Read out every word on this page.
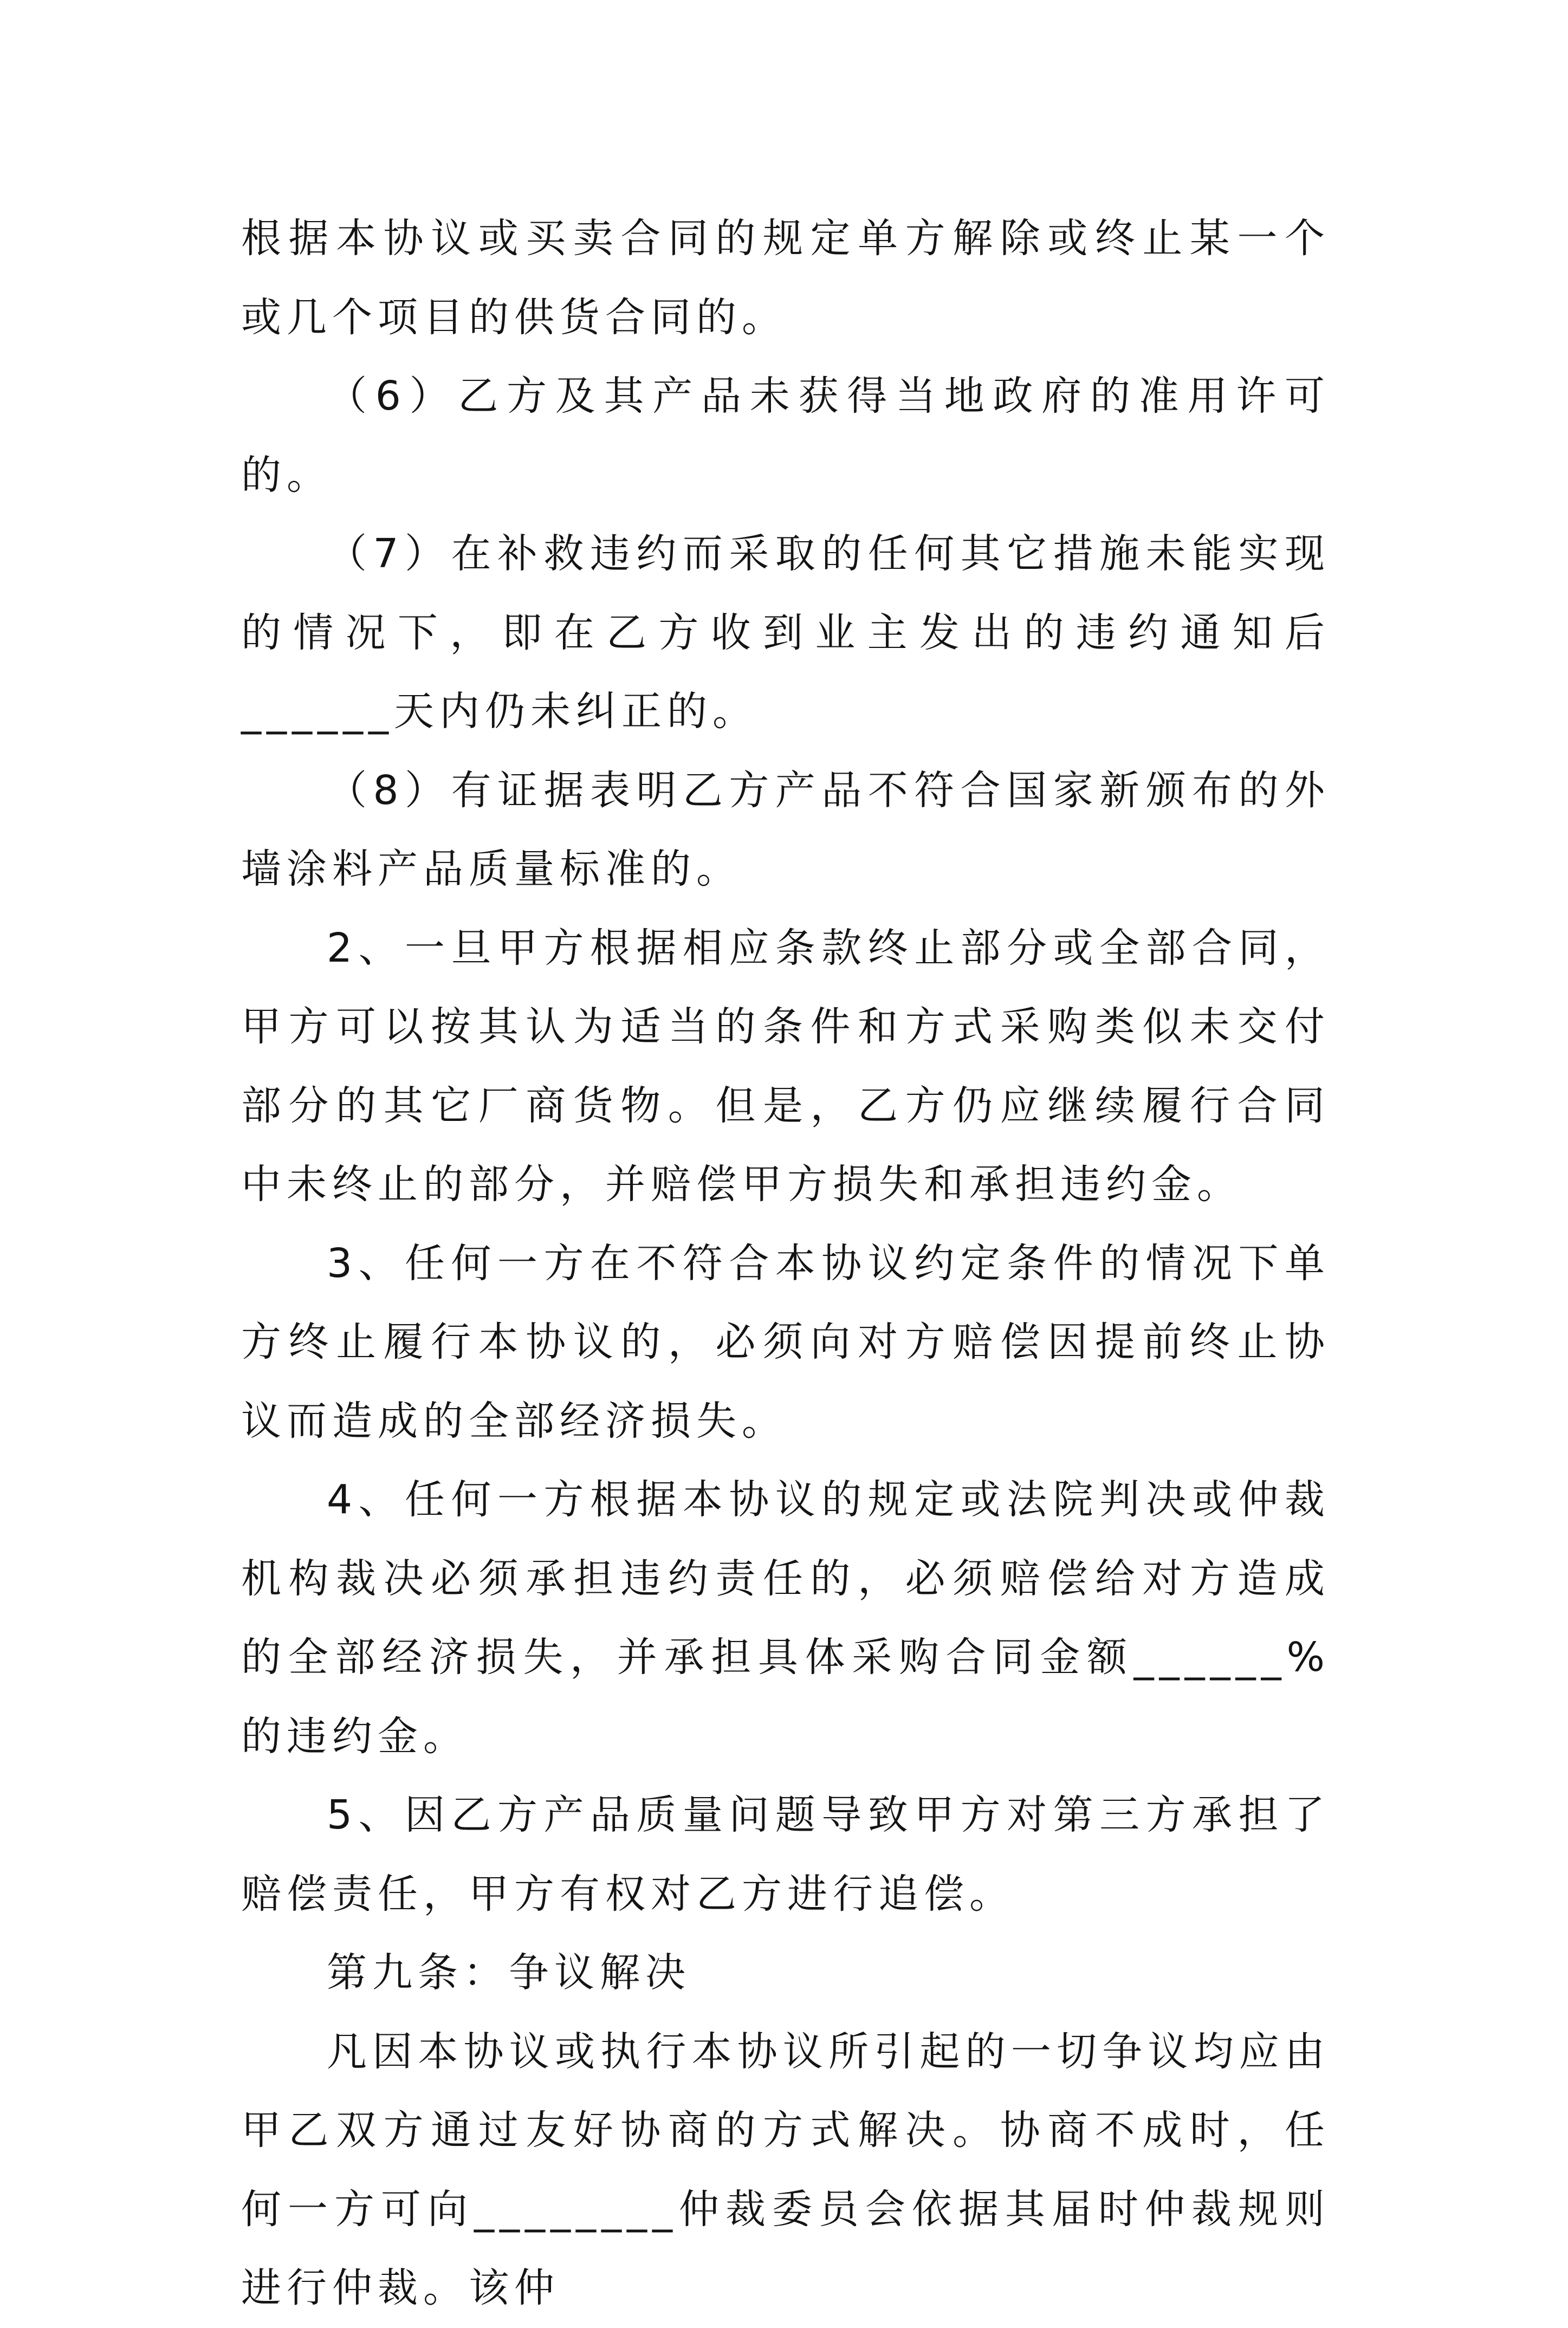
根据本协议或买卖合同的规定单方解除或终止某一个或几个项目的供货合同的。

（6）乙方及其产品未获得当地政府的准用许可的。

（7）在补救违约而采取的任何其它措施未能实现的情况下，即在乙方收到业主发出的违约通知后______天内仍未纠正的。

（8）有证据表明乙方产品不符合国家新颁布的外墙涂料产品质量标准的。

2、一旦甲方根据相应条款终止部分或全部合同，甲方可以按其认为适当的条件和方式采购类似未交付部分的其它厂商货物。但是，乙方仍应继续履行合同中未终止的部分，并赔偿甲方损失和承担违约金。

3、任何一方在不符合本协议约定条件的情况下单方终止履行本协议的，必须向对方赔偿因提前终止协议而造成的全部经济损失。

4、任何一方根据本协议的规定或法院判决或仲裁机构裁决必须承担违约责任的，必须赔偿给对方造成的全部经济损失，并承担具体采购合同金额______%的违约金。

5、因乙方产品质量问题导致甲方对第三方承担了赔偿责任，甲方有权对乙方进行追偿。

第九条：争议解决

凡因本协议或执行本协议所引起的一切争议均应由甲乙双方通过友好协商的方式解决。协商不成时，任何一方可向________仲裁委员会依据其届时仲裁规则进行仲裁。该仲
